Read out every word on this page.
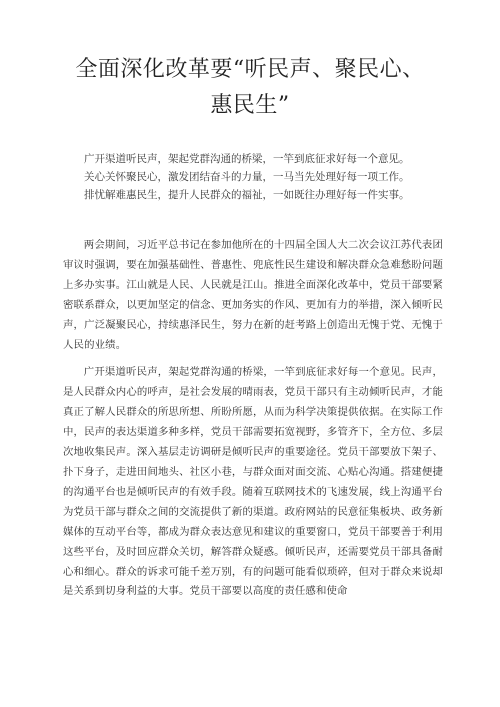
全面深化改革要“听民声、聚民心、惠民生”
广开渠道听民声，架起党群沟通的桥梁，一竿到底征求好每一个意见。
关心关怀聚民心，激发团结奋斗的力量，一马当先处理好每一项工作。
排忧解难惠民生，提升人民群众的福祉，一如既往办理好每一件实事。

两会期间，习近平总书记在参加他所在的十四届全国人大二次会议江苏代表团审议时强调，要在加强基础性、普惠性、兜底性民生建设和解决群众急难愁盼问题上多办实事。江山就是人民、人民就是江山。推进全面深化改革中，党员干部要紧密联系群众，以更加坚定的信念、更加务实的作风、更加有力的举措，深入倾听民声，广泛凝聚民心，持续惠泽民生，努力在新的赶考路上创造出无愧于党、无愧于人民的业绩。

广开渠道听民声，架起党群沟通的桥梁，一竿到底征求好每一个意见。民声，是人民群众内心的呼声，是社会发展的晴雨表，党员干部只有主动倾听民声，才能真正了解人民群众的所思所想、所盼所愿，从而为科学决策提供依据。在实际工作中，民声的表达渠道多种多样，党员干部需要拓宽视野，多管齐下，全方位、多层次地收集民声。深入基层走访调研是倾听民声的重要途径。党员干部要放下架子、扑下身子，走进田间地头、社区小巷，与群众面对面交流、心贴心沟通。搭建便捷的沟通平台也是倾听民声的有效手段。随着互联网技术的飞速发展，线上沟通平台为党员干部与群众之间的交流提供了新的渠道。政府网站的民意征集板块、政务新媒体的互动平台等，都成为群众表达意见和建议的重要窗口，党员干部要善于利用这些平台，及时回应群众关切，解答群众疑惑。倾听民声，还需要党员干部具备耐心和细心。群众的诉求可能千差万别，有的问题可能看似琐碎，但对于群众来说却是关系到切身利益的大事。党员干部要以高度的责任感和使命
